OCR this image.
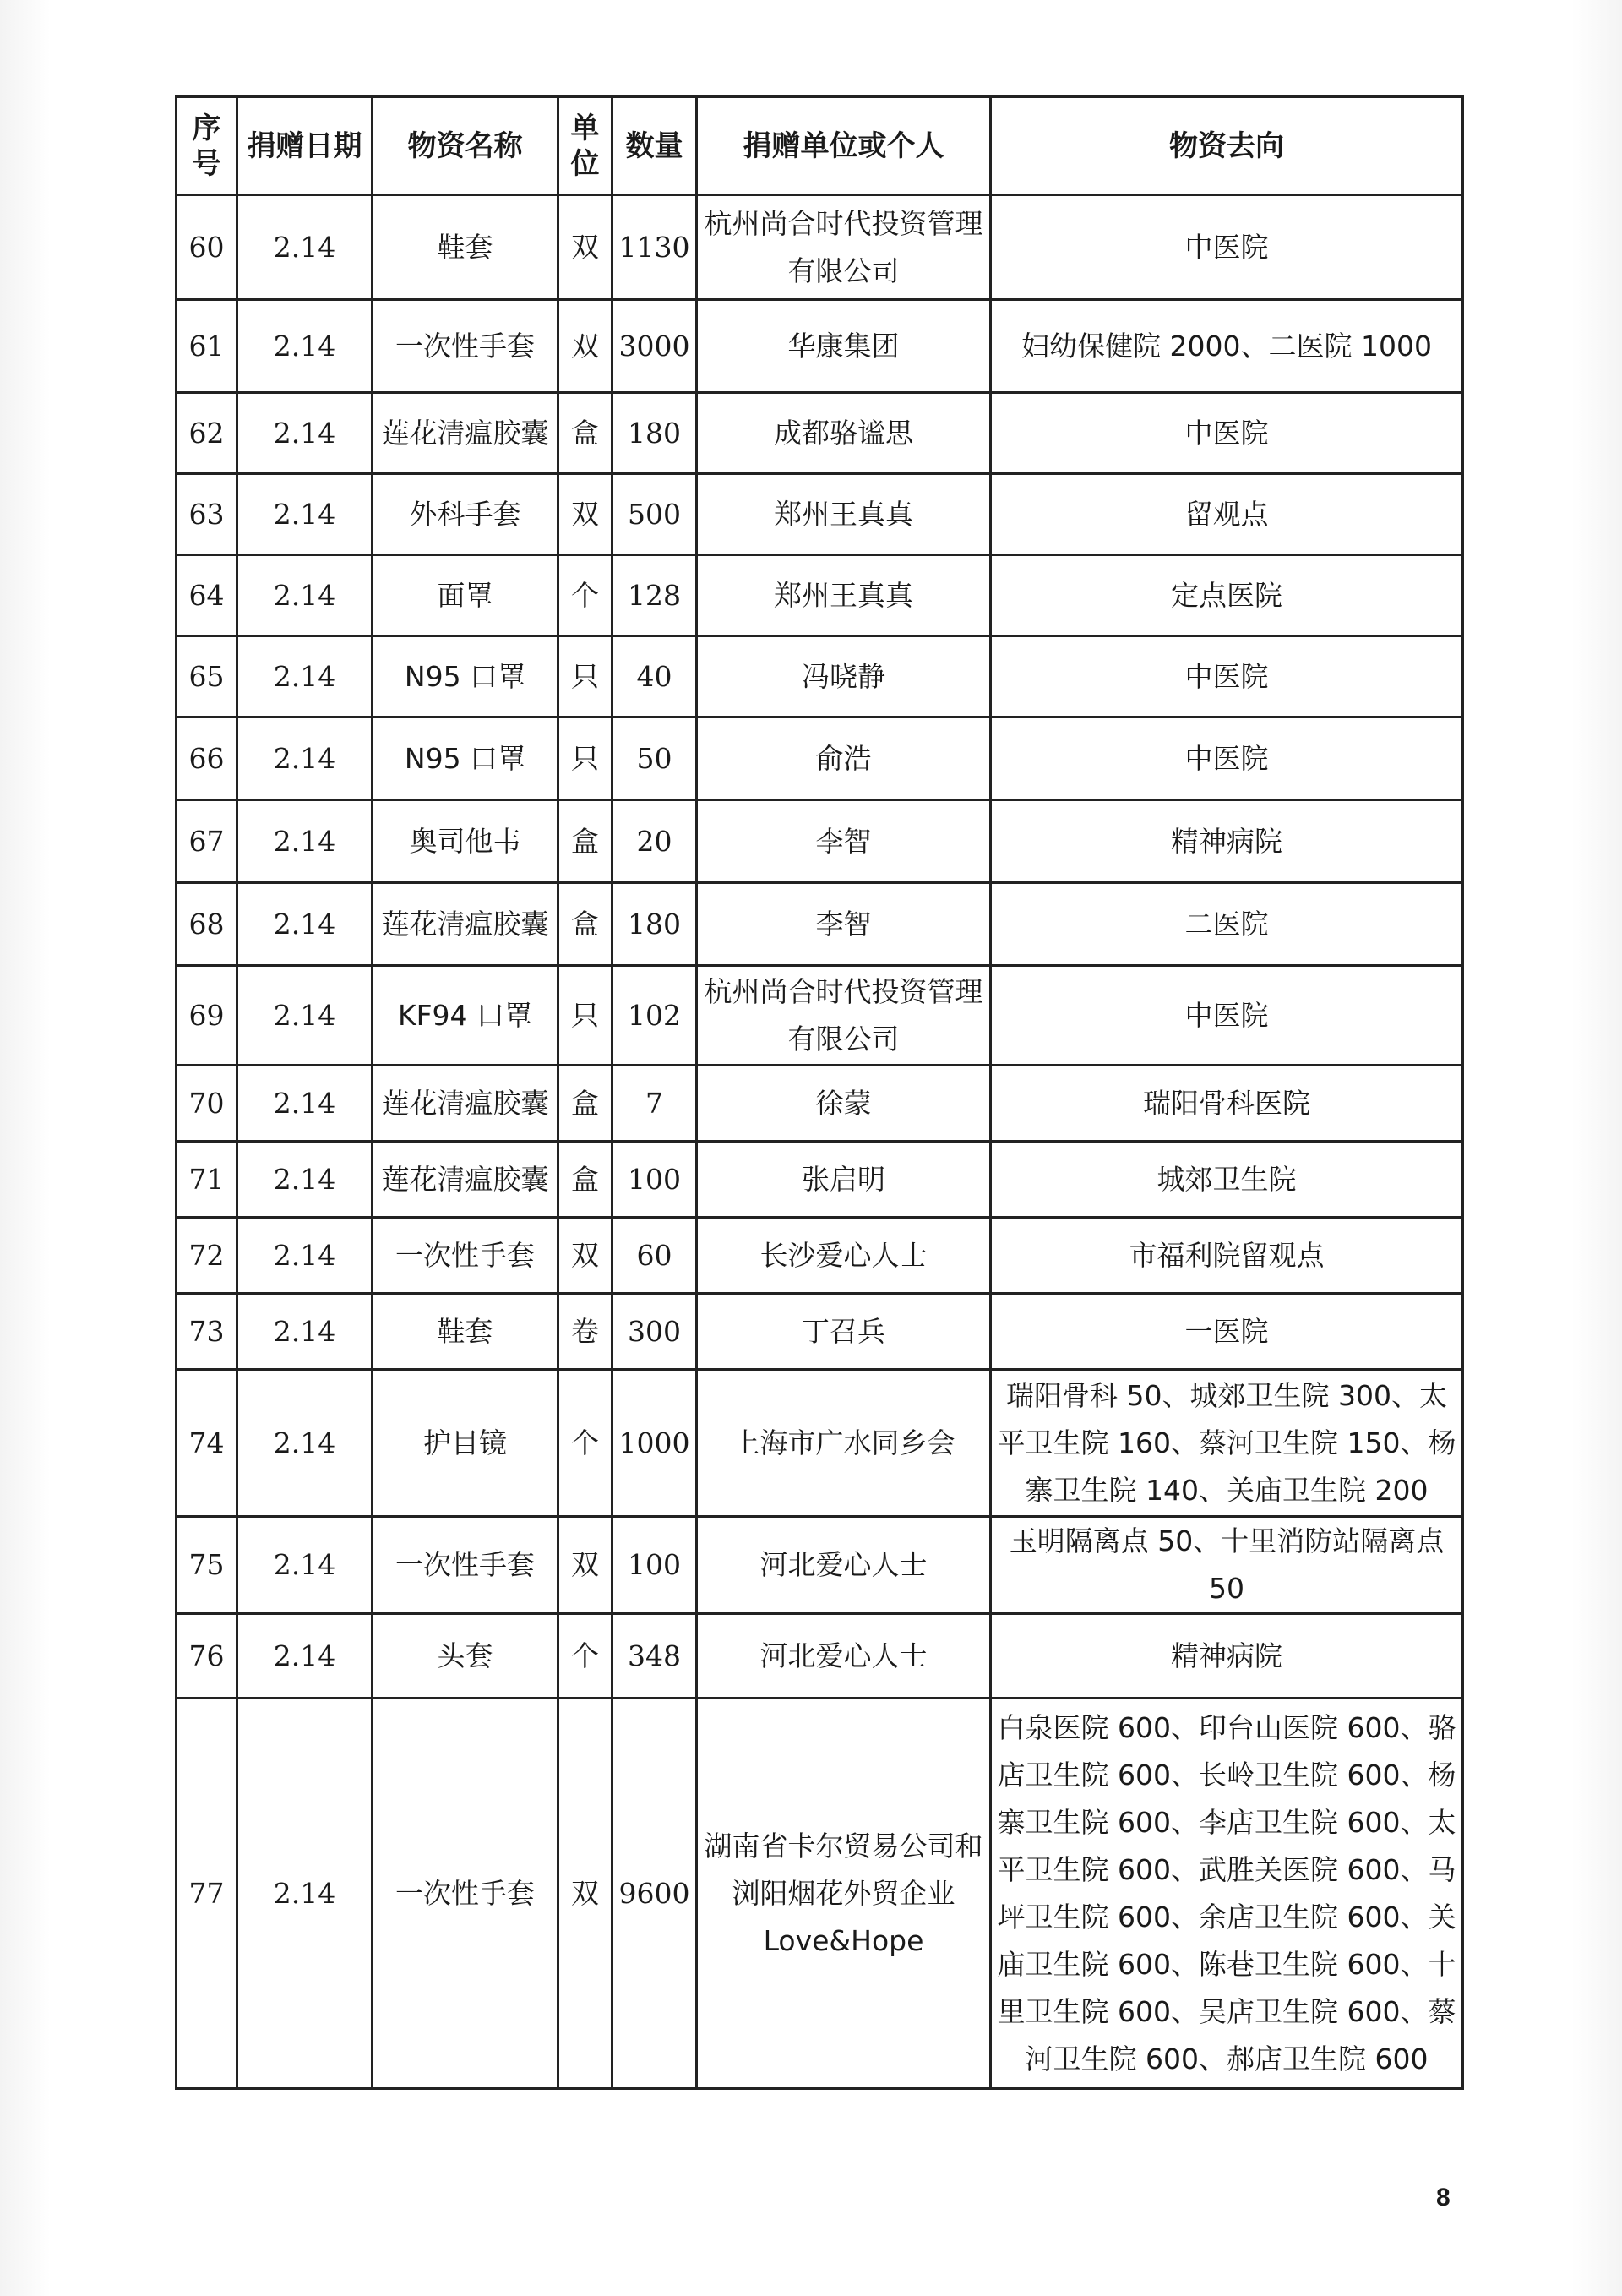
序号	捐赠日期	物资名称	单位	数量	捐赠单位或个人	物资去向
60	2.14	鞋套	双	1130	杭州尚合时代投资管理有限公司	中医院
61	2.14	一次性手套	双	3000	华康集团	妇幼保健院 2000、二医院 1000
62	2.14	莲花清瘟胶囊	盒	180	成都骆谧思	中医院
63	2.14	外科手套	双	500	郑州王真真	留观点
64	2.14	面罩	个	128	郑州王真真	定点医院
65	2.14	N95 口罩	只	40	冯晓静	中医院
66	2.14	N95 口罩	只	50	俞浩	中医院
67	2.14	奥司他韦	盒	20	李智	精神病院
68	2.14	莲花清瘟胶囊	盒	180	李智	二医院
69	2.14	KF94 口罩	只	102	杭州尚合时代投资管理有限公司	中医院
70	2.14	莲花清瘟胶囊	盒	7	徐蒙	瑞阳骨科医院
71	2.14	莲花清瘟胶囊	盒	100	张启明	城郊卫生院
72	2.14	一次性手套	双	60	长沙爱心人士	市福利院留观点
73	2.14	鞋套	卷	300	丁召兵	一医院
74	2.14	护目镜	个	1000	上海市广水同乡会	瑞阳骨科 50、城郊卫生院 300、太平卫生院 160、蔡河卫生院 150、杨寨卫生院 140、关庙卫生院 200
75	2.14	一次性手套	双	100	河北爱心人士	玉明隔离点 50、十里消防站隔离点 50
76	2.14	头套	个	348	河北爱心人士	精神病院
77	2.14	一次性手套	双	9600	湖南省卡尔贸易公司和浏阳烟花外贸企业 Love&Hope	白泉医院 600、印台山医院 600、骆店卫生院 600、长岭卫生院 600、杨寨卫生院 600、李店卫生院 600、太平卫生院 600、武胜关医院 600、马坪卫生院 600、余店卫生院 600、关庙卫生院 600、陈巷卫生院 600、十里卫生院 600、吴店卫生院 600、蔡河卫生院 600、郝店卫生院 600
8
